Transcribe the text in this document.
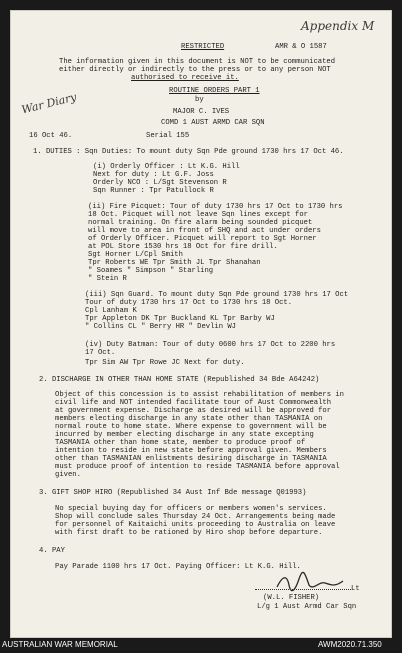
Appendix M
War Diary
RESTRICTED	AMR & O 1587
The information given in this document is NOT to be communicated
either directly or indirectly to the press or to any person NOT
authorised to receive it.
ROUTINE ORDERS PART 1
by
MAJOR C. IVES
COMD 1 AUST ARMD CAR SQN
16 Oct 46.	Serial 155
1. DUTIES : Sqn Duties: To mount duty Sqn Pde ground 1730 hrs 17 Oct 46.
(i) Orderly Officer : Lt K.G. Hill
Next for duty : Lt G.F. Joss
Orderly NCO : L/Sgt Stevenson R
Sqn Runner : Tpr Patullock R
(ii) Fire Picquet: Tour of duty 1730 hrs 17 Oct to 1730 hrs
18 Oct. Picquet will not leave Sqn lines except for
normal training. On fire alarm being sounded picquet
will move to area in front of SHQ and act under orders
of Orderly Officer. Picquet will report to Sgt Horner
at POL Store 1530 hrs 18 Oct for fire drill.
Sgt Horner L/Cpl Smith
Tpr Roberts WE Tpr Smith JL Tpr Shanahan
" Soames " Simpson " Starling
" Stein R
(iii) Sqn Guard. To mount duty Sqn Pde ground 1730 hrs 17 Oct
Tour of duty 1730 hrs 17 Oct to 1730 hrs 18 Oct.
Cpl Lanham K
Tpr Appleton DK Tpr Buckland KL Tpr Barby WJ
" Collins CL " Berry HR " Devlin WJ
(iv) Duty Batman: Tour of duty 0600 hrs 17 Oct to 2200 hrs
17 Oct.
Tpr Sim AW Tpr Rowe JC Next for duty.
2. DISCHARGE IN OTHER THAN HOME STATE (Republished 34 Bde A64242)
Object of this concession is to assist rehabilitation of members in
civil life and NOT intended facilitate tour of Aust Commonwealth
at government expense. Discharge as desired will be approved for
members electing discharge in any state other than TASMANIA on
normal route to home state. Where expense to government will be
incurred by member electing discharge in any state excepting
TASMANIA other than home state, member to produce proof of
intention to reside in new state before approval given. Members
other than TASMANIAN enlistments desiring discharge in TASMANIA
must produce proof of intention to reside TASMANIA before approval
given.
3. GIFT SHOP HIRO (Republished 34 Aust Inf Bde message Q01993)
No special buying day for officers or members women's services.
Shop will conclude sales Thursday 24 Oct. Arrangements being made
for personnel of Kaitaichi units proceeding to Australia on leave
with first draft to be rationed by Hiro shop before departure.
4. PAY
Pay Parade 1100 hrs 17 Oct. Paying Officer: Lt K.G. Hill.
Lt
(W.L. FISHER)
L/g 1 Aust Armd Car Sqn
AUSTRALIAN WAR MEMORIAL	AWM2020.71.350
